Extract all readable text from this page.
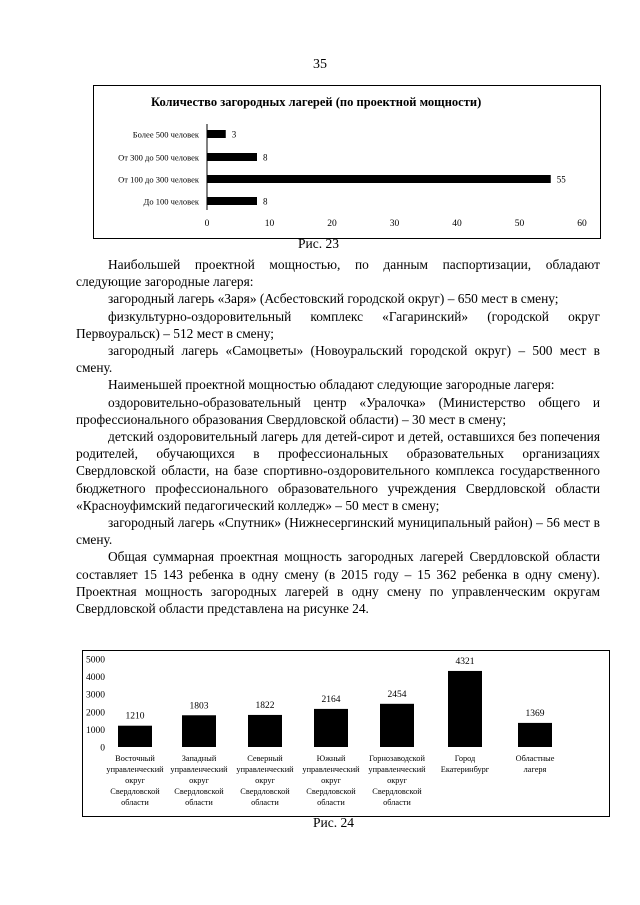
35
Количество загородных лагерей (по проектной мощности)
0	10	20	30	40	50	60
Более 500 человек	3
От 300 до 500 человек	8
От 100 до 300 человек	55
До 100 человек	8
Рис. 23

Наибольшей проектной мощностью, по данным паспортизации, обладают следующие загородные лагеря:

загородный лагерь «Заря» (Асбестовский городской округ) – 650 мест в смену;

физкультурно-оздоровительный комплекс «Гагаринский» (городской округ Первоуральск) – 512 мест в смену;

загородный лагерь «Самоцветы» (Новоуральский городской округ) – 500 мест в смену.

Наименьшей проектной мощностью обладают следующие загородные лагеря:

оздоровительно-образовательный центр «Уралочка» (Министерство общего и профессионального образования Свердловской области) – 30 мест в смену;

детский оздоровительный лагерь для детей-сирот и детей, оставшихся без попечения родителей, обучающихся в профессиональных образовательных организациях Свердловской области, на базе спортивно-оздоровительного комплекса государственного бюджетного профессионального образовательного учреждения Свердловской области «Красноуфимский педагогический колледж» – 50 мест в смену;

загородный лагерь «Спутник» (Нижнесергинский муниципальный район) – 56 мест в смену.

Общая суммарная проектная мощность загородных лагерей Свердловской области составляет 15 143 ребенка в одну смену (в 2015 году – 15 362 ребенка в одну смену). Проектная мощность загородных лагерей в одну смену по управленческим округам Свердловской области представлена на рисунке 24.

0
1000
2000
3000
4000
5000
1210
Восточный
управленческий
округ
Свердловской
области
1803
Западный
управленческий
округ
Свердловской
области
1822
Северный
управленческий
округ
Свердловской
области
2164
Южный
управленческий
округ
Свердловской
области
2454
Горнозаводской
управленческий
округ
Свердловской
области
4321
Город
Екатеринбург
1369
Областные
лагеря
Рис. 24
